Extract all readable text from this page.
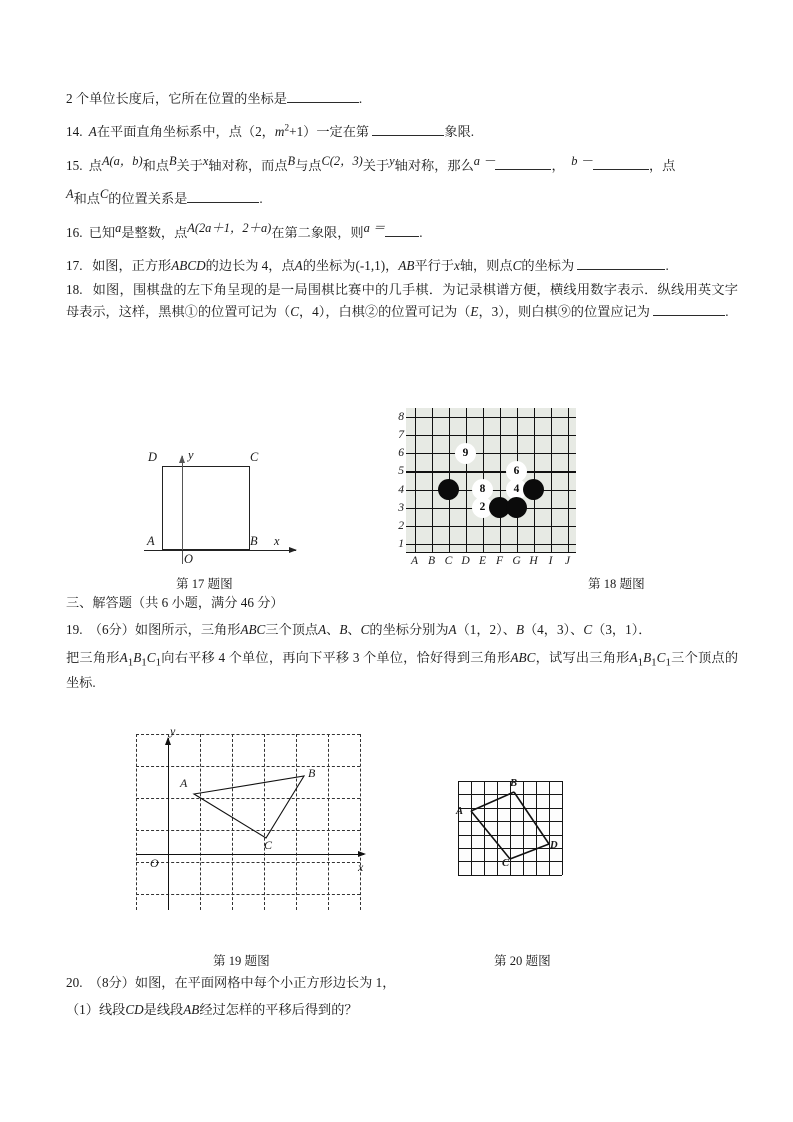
2 个单位长度后，它所在位置的坐标是	.

14. A在平面直角坐标系中，点（2，$m^2+1$）一定在第	象限.

15. 点A(a，b)和点B关于x轴对称，而点B与点C(2，3)关于y轴对称，那么a －	， b －	，点

A和点C的位置关系是	.

16. 已知a是整数，点A(2a＋1，2＋a)在第二象限，则a ＝	.

17. 如图，正方形ABCD的边长为 4，点A的坐标为(-1,1)，AB平行于x轴，则点C的坐标为	.

18. 如图，围棋盘的左下角呈现的是一局围棋比赛中的几手棋．为记录棋谱方便，横线用数字表示．纵线用英文字母表示，这样，黑棋①的位置可记为（C，4），白棋②的位置可记为（E，3），则白棋⑨的位置应记为	.

D	C
A	B
y
x
O
第 17 题图
8
7
6
5
4
3
2
1
A B C D E F G H I	J
9
8
2
6
4
第 18 题图

三、解答题（共 6 小题，满分 46 分）

19. （6分）如图所示，三角形ABC三个顶点A、B、C的坐标分别为A（1，2）、B（4，3）、C（3，1）．

把三角形$A_1B_1C_1$向右平移 4 个单位，再向下平移 3 个单位，恰好得到三角形ABC，试写出三角形$A_1B_1C_1$三个顶点的坐标.

y
x
O
A
B
C
第 19 题图
A
B
C
D
第 20 题图

20. （8分）如图，在平面网格中每个小正方形边长为 1，

（1）线段CD是线段AB经过怎样的平移后得到的？
